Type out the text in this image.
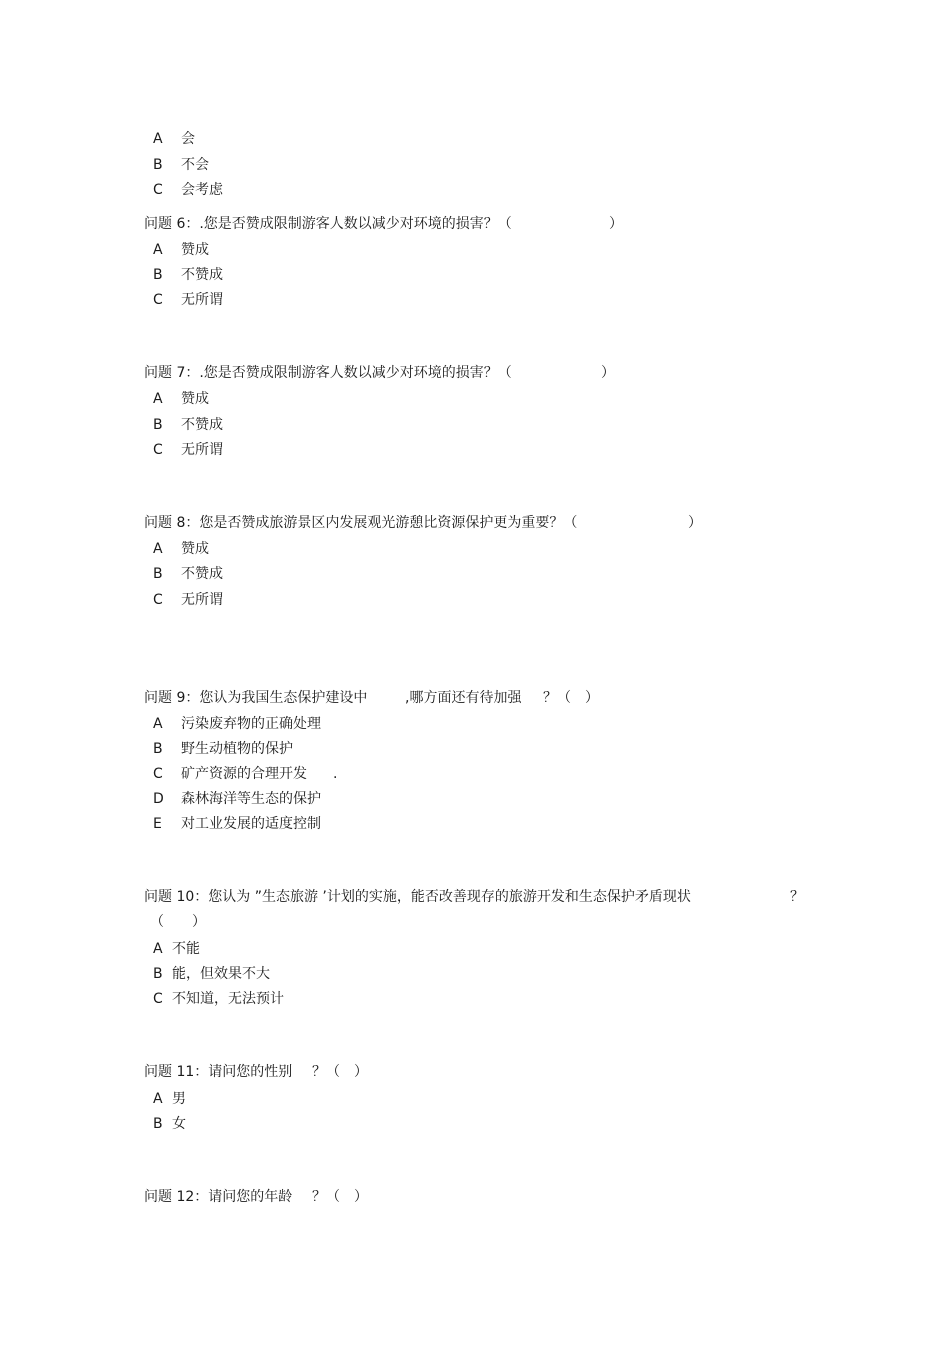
A 会
B 不会
C 会考虑
问题 6：.您是否赞成限制游客人数以减少对环境的损害？（	）
A 赞成
B 不赞成
C 无所谓
问题 7：.您是否赞成限制游客人数以减少对环境的损害？（	）
A 赞成
B 不赞成
C 无所谓
问题 8：您是否赞成旅游景区内发展观光游憩比资源保护更为重要？（	）
A 赞成
B 不赞成
C 无所谓
问题 9：您认为我国生态保护建设中	,哪方面还有待加强 ？（　）
A 污染废弃物的正确处理
B 野生动植物的保护
C 矿产资源的合理开发 .
D 森林海洋等生态的保护
E 对工业发展的适度控制
问题 10：您认为 ”生态旅游 ’计划的实施，能否改善现存的旅游开发和生态保护矛盾现状	？
（　　）
A 不能
B 能，但效果不大
C 不知道，无法预计
问题 11：请问您的性别 ？（　）
A 男
B 女
问题 12：请问您的年龄 ？（　）
